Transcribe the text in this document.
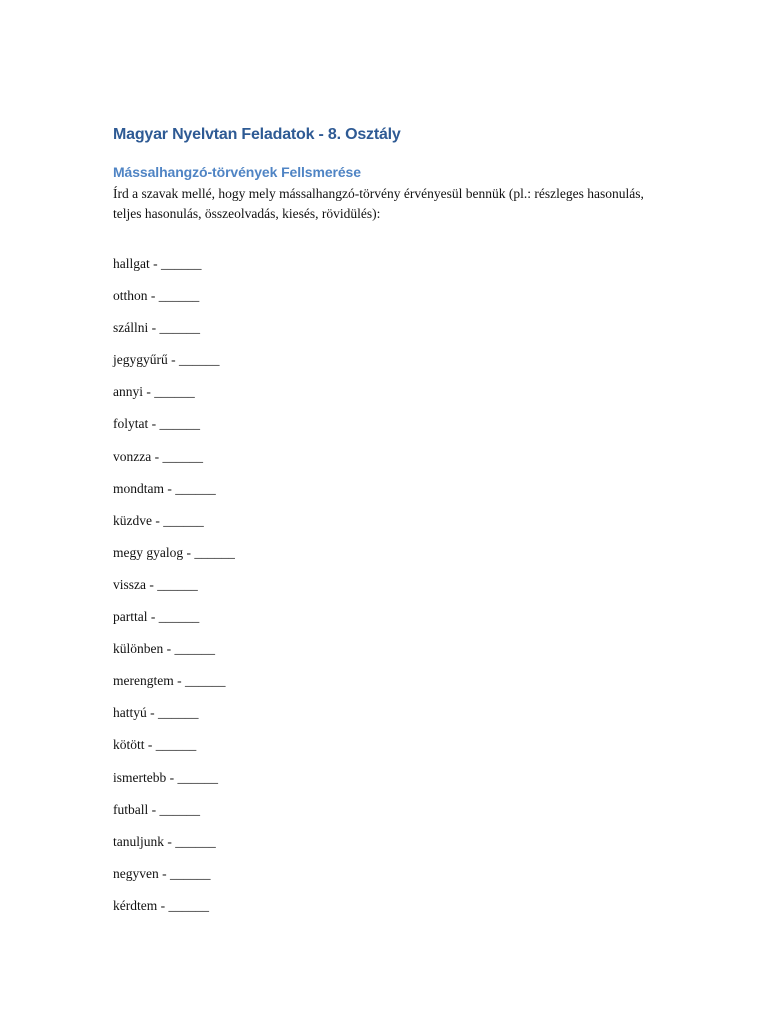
Magyar Nyelvtan Feladatok - 8. Osztály
Mássalhangzó-törvények Fellsmerése

Írd a szavak mellé, hogy mely mássalhangzó-törvény érvényesül bennük (pl.: részleges hasonulás, teljes hasonulás, összeolvadás, kiesés, rövidülés):

hallgat - ______
otthon - ______
szállni - ______
jegygyűrű - ______
annyi - ______
folytat - ______
vonzza - ______
mondtam - ______
küzdve - ______
megy gyalog - ______
vissza - ______
parttal - ______
különben - ______
merengtem - ______
hattyú - ______
kötött - ______
ismertebb - ______
futball - ______
tanuljunk - ______
negyven - ______
kérdtem - ______
